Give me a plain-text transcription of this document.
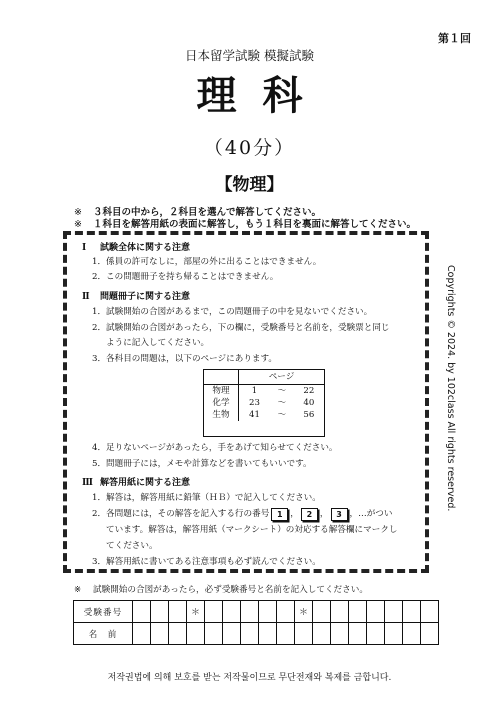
第１回
日本留学試験 模擬試験
理科
（40分）
【物理】
※ ３科目の中から，２科目を選んで解答してください。
※ １科目を解答用紙の表面に解答し，もう１科目を裏面に解答してください。
Ⅰ 試験全体に関する注意
1．係員の許可なしに，部屋の外に出ることはできません。
2．この問題冊子を持ち帰ることはできません。
Ⅱ 問題冊子に関する注意
1．試験開始の合図があるまで，この問題冊子の中を見ないでください。
2．試験開始の合図があったら，下の欄に，受験番号と名前を，受験票と同じ
ように記入してください。
3．各科目の問題は，以下のページにあります。
	ページ		
物理	1	〜	22
化学	23	〜	40
生物	41	〜	56
4．足りないページがあったら，手をあげて知らせてください。
5．問題冊子には，メモや計算などを書いてもいいです。
Ⅲ 解答用紙に関する注意
1．解答は，解答用紙に鉛筆（ＨＢ）で記入してください。
2．各問題には，その解答を記入する行の番号 1 ， 2 ， 3 ，…がつい
ています。解答は，解答用紙（マークシート）の対応する解答欄にマークし
てください。
3．解答用紙に書いてある注意事項も必ず読んでください。
Copyrights © 2024. by 102class All rights reserved.
※ 試験開始の合図があったら，必ず受験番号と名前を記入してください。
受験番号				＊						＊							
名　前																	
저작권법에 의해 보호를 받는 저작물이므로 무단전재와 복제를 금합니다.
